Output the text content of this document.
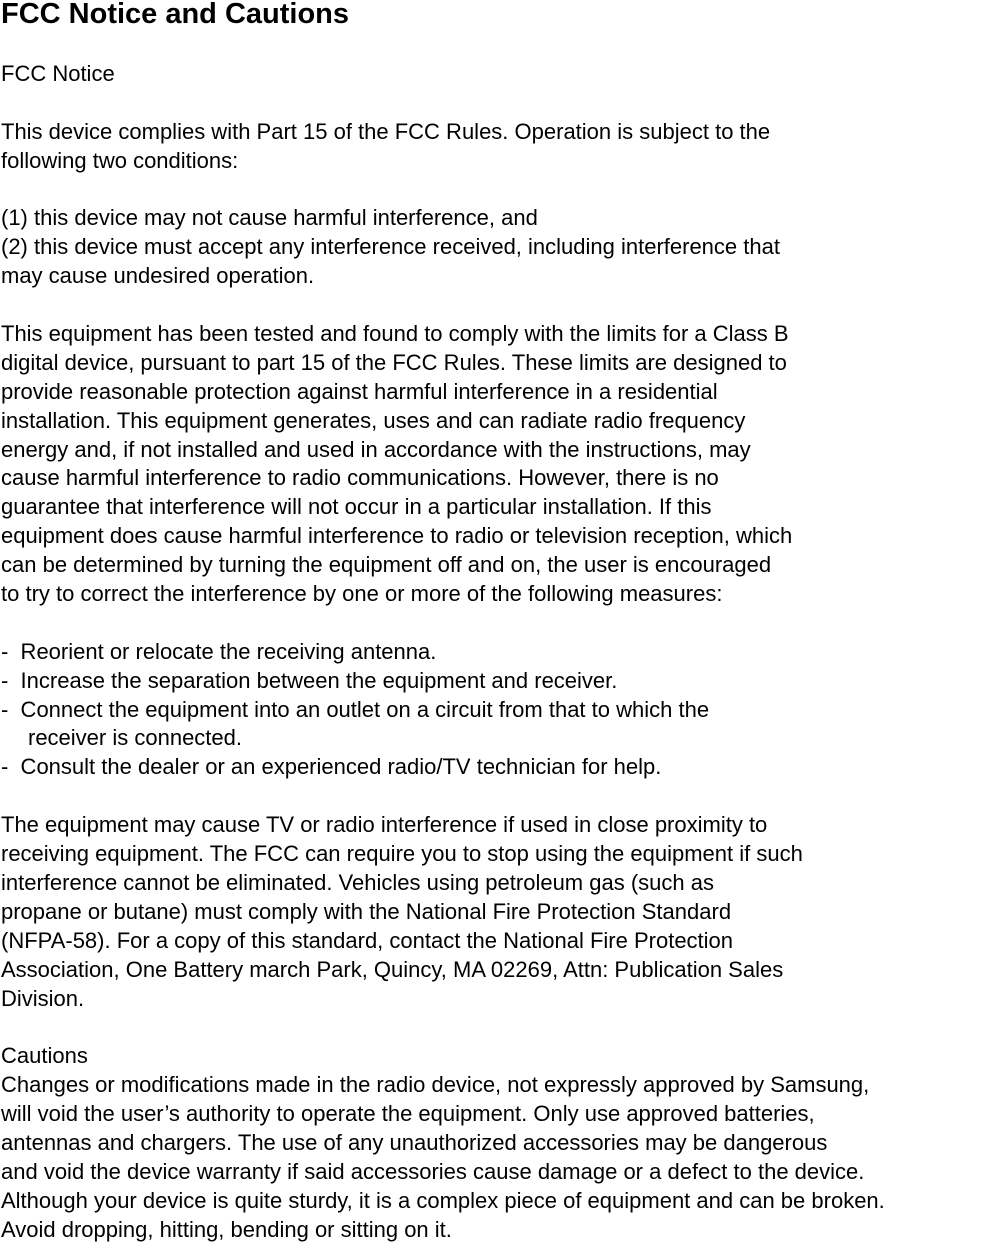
FCC Notice and Cautions
FCC Notice
This device complies with Part 15 of the FCC Rules. Operation is subject to the
following two conditions:
(1) this device may not cause harmful interference, and
(2) this device must accept any interference received, including interference that
may cause undesired operation.
This equipment has been tested and found to comply with the limits for a Class B
digital device, pursuant to part 15 of the FCC Rules. These limits are designed to
provide reasonable protection against harmful interference in a residential
installation. This equipment generates, uses and can radiate radio frequency
energy and, if not installed and used in accordance with the instructions, may
cause harmful interference to radio communications. However, there is no
guarantee that interference will not occur in a particular installation. If this
equipment does cause harmful interference to radio or television reception, which
can be determined by turning the equipment off and on, the user is encouraged
to try to correct the interference by one or more of the following measures:
-  Reorient or relocate the receiving antenna.
-  Increase the separation between the equipment and receiver.
-  Connect the equipment into an outlet on a circuit from that to which the
receiver is connected.
-  Consult the dealer or an experienced radio/TV technician for help.
The equipment may cause TV or radio interference if used in close proximity to
receiving equipment. The FCC can require you to stop using the equipment if such
interference cannot be eliminated. Vehicles using petroleum gas (such as
propane or butane) must comply with the National Fire Protection Standard
(NFPA-58). For a copy of this standard, contact the National Fire Protection
Association, One Battery march Park, Quincy, MA 02269, Attn: Publication Sales
Division.
Cautions
Changes or modifications made in the radio device, not expressly approved by Samsung,
will void the user’s authority to operate the equipment. Only use approved batteries,
antennas and chargers. The use of any unauthorized accessories may be dangerous
and void the device warranty if said accessories cause damage or a defect to the device.
Although your device is quite sturdy, it is a complex piece of equipment and can be broken.
Avoid dropping, hitting, bending or sitting on it.
